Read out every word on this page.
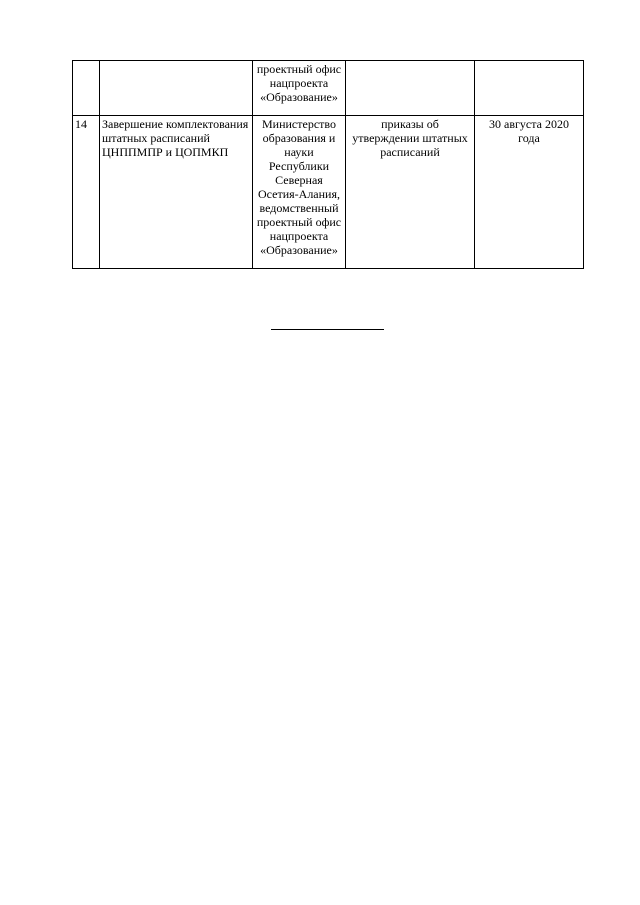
		проектный офис нацпроекта «Образование»		

14	Завершение комплектования штатных расписаний ЦНППМПР и ЦОПМКП	Министерство образования и науки Республики Северная Осетия-Алания, ведомственный проектный офис нацпроекта «Образование»	приказы об утверждении штатных расписаний	30 августа 2020 года
